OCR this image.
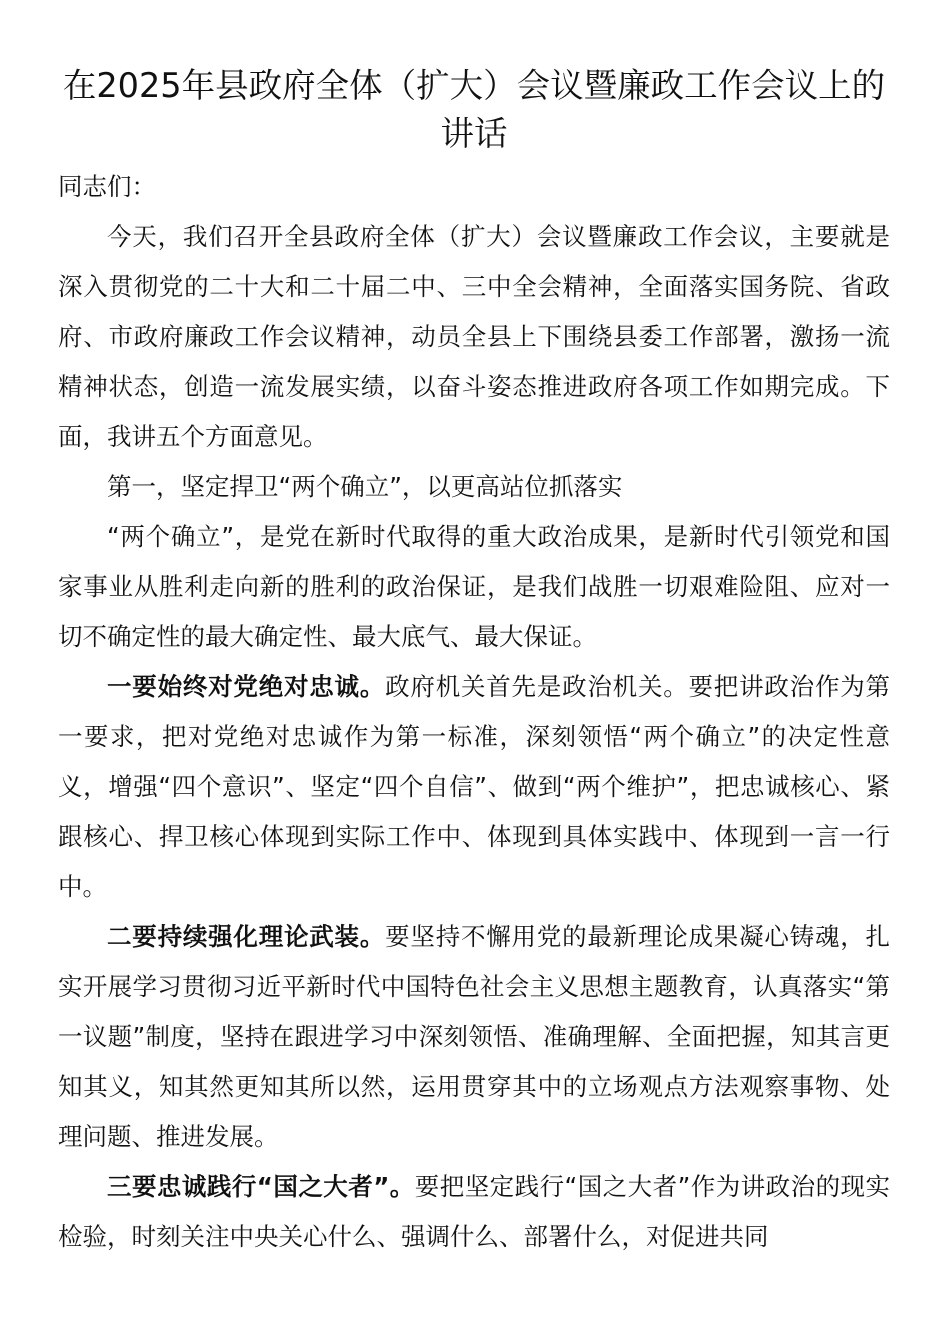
在2025年县政府全体（扩大）会议暨廉政工作会议上的讲话

同志们：

今天，我们召开全县政府全体（扩大）会议暨廉政工作会议，主要就是深入贯彻党的二十大和二十届二中、三中全会精神，全面落实国务院、省政府、市政府廉政工作会议精神，动员全县上下围绕县委工作部署，激扬一流精神状态，创造一流发展实绩，以奋斗姿态推进政府各项工作如期完成。下面，我讲五个方面意见。

第一，坚定捍卫“两个确立”，以更高站位抓落实

“两个确立”，是党在新时代取得的重大政治成果，是新时代引领党和国家事业从胜利走向新的胜利的政治保证，是我们战胜一切艰难险阻、应对一切不确定性的最大确定性、最大底气、最大保证。

一要始终对党绝对忠诚。政府机关首先是政治机关。要把讲政治作为第一要求，把对党绝对忠诚作为第一标准，深刻领悟“两个确立”的决定性意义，增强“四个意识”、坚定“四个自信”、做到“两个维护”，把忠诚核心、紧跟核心、捍卫核心体现到实际工作中、体现到具体实践中、体现到一言一行中。

二要持续强化理论武装。要坚持不懈用党的最新理论成果凝心铸魂，扎实开展学习贯彻习近平新时代中国特色社会主义思想主题教育，认真落实“第一议题”制度，坚持在跟进学习中深刻领悟、准确理解、全面把握，知其言更知其义，知其然更知其所以然，运用贯穿其中的立场观点方法观察事物、处理问题、推进发展。

三要忠诚践行“国之大者”。要把坚定践行“国之大者”作为讲政治的现实检验，时刻关注中央关心什么、强调什么、部署什么，对促进共同
